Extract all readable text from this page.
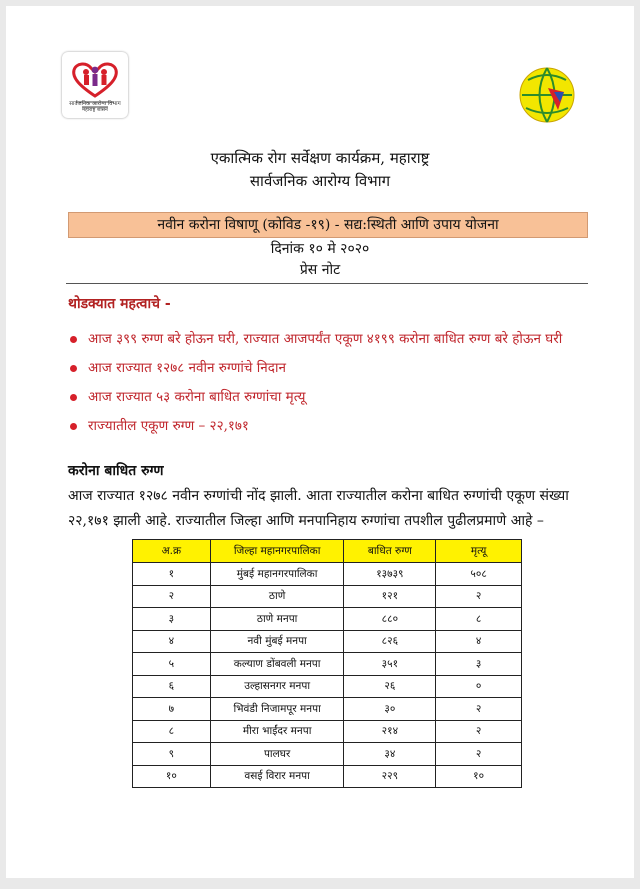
सार्वजनिक आरोग्य विभाग
महाराष्ट्र शासन
एकात्मिक रोग सर्वेक्षण कार्यक्रम, महाराष्ट्र
सार्वजनिक आरोग्य विभाग
नवीन करोना विषाणू (कोविड -१९) - सद्य:स्थिती आणि उपाय योजना
दिनांक १० मे २०२०
प्रेस नोट
थोडक्यात महत्वाचे -
आज ३९९ रुग्ण बरे होऊन घरी, राज्यात आजपर्यंत एकूण ४१९९ करोना बाधित रुग्ण बरे होऊन घरी
आज राज्यात १२७८ नवीन रुग्णांचे निदान
आज राज्यात ५३ करोना बाधित रुग्णांचा मृत्यू
राज्यातील एकूण रुग्ण – २२,१७१
करोना बाधित रुग्ण
आज राज्यात १२७८ नवीन रुग्णांची नोंद झाली. आता राज्यातील करोना बाधित रुग्णांची एकूण संख्या
२२,१७१ झाली आहे. राज्यातील जिल्हा आणि मनपानिहाय रुग्णांचा तपशील पुढीलप्रमाणे आहे –
अ.क्र	जिल्हा महानगरपालिका	बाधित रुग्ण	मृत्यू
१	मुंबई महानगरपालिका	१३७३९	५०८
२	ठाणे	१२१	२
३	ठाणे मनपा	८८०	८
४	नवी मुंबई मनपा	८२६	४
५	कल्याण डोंबवली मनपा	३५१	३
६	उल्हासनगर मनपा	२६	०
७	भिवंडी निजामपूर मनपा	३०	२
८	मीरा भाईंदर मनपा	२१४	२
९	पालघर	३४	२
१०	वसई विरार मनपा	२२९	१०
